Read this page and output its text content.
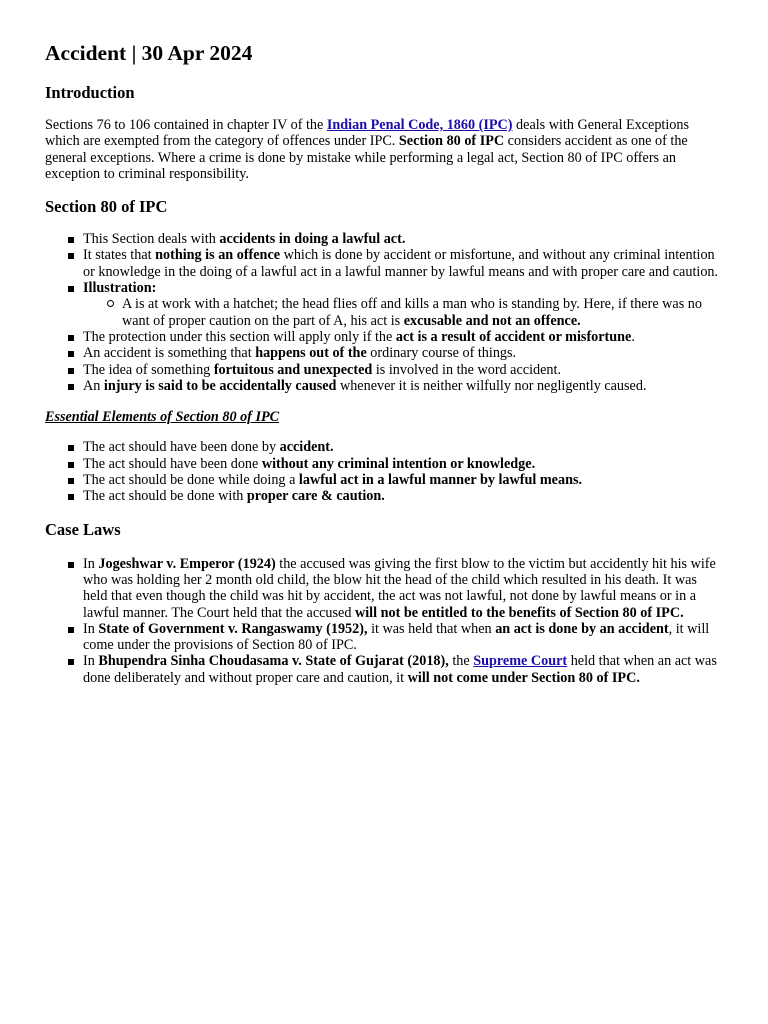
Accident | 30 Apr 2024
Introduction

Sections 76 to 106 contained in chapter IV of the Indian Penal Code, 1860 (IPC) deals with General Exceptions which are exempted from the category of offences under IPC. Section 80 of IPC considers accident as one of the general exceptions. Where a crime is done by mistake while performing a legal act, Section 80 of IPC offers an exception to criminal responsibility.

Section 80 of IPC
This Section deals with accidents in doing a lawful act.
It states that nothing is an offence which is done by accident or misfortune, and without any criminal intention or knowledge in the doing of a lawful act in a lawful manner by lawful means and with proper care and caution.
Illustration:
A is at work with a hatchet; the head flies off and kills a man who is standing by. Here, if there was no want of proper caution on the part of A, his act is excusable and not an offence.
The protection under this section will apply only if the act is a result of accident or misfortune.
An accident is something that happens out of the ordinary course of things.
The idea of something fortuitous and unexpected is involved in the word accident.
An injury is said to be accidentally caused whenever it is neither wilfully nor negligently caused.
Essential Elements of Section 80 of IPC
The act should have been done by accident.
The act should have been done without any criminal intention or knowledge.
The act should be done while doing a lawful act in a lawful manner by lawful means.
The act should be done with proper care & caution.
Case Laws
In Jogeshwar v. Emperor (1924) the accused was giving the first blow to the victim but accidently hit his wife who was holding her 2 month old child, the blow hit the head of the child which resulted in his death. It was held that even though the child was hit by accident, the act was not lawful, not done by lawful means or in a lawful manner. The Court held that the accused will not be entitled to the benefits of Section 80 of IPC.
In State of Government v. Rangaswamy (1952), it was held that when an act is done by an accident, it will come under the provisions of Section 80 of IPC.
In Bhupendra Sinha Choudasama v. State of Gujarat (2018), the Supreme Court held that when an act was done deliberately and without proper care and caution, it will not come under Section 80 of IPC.
